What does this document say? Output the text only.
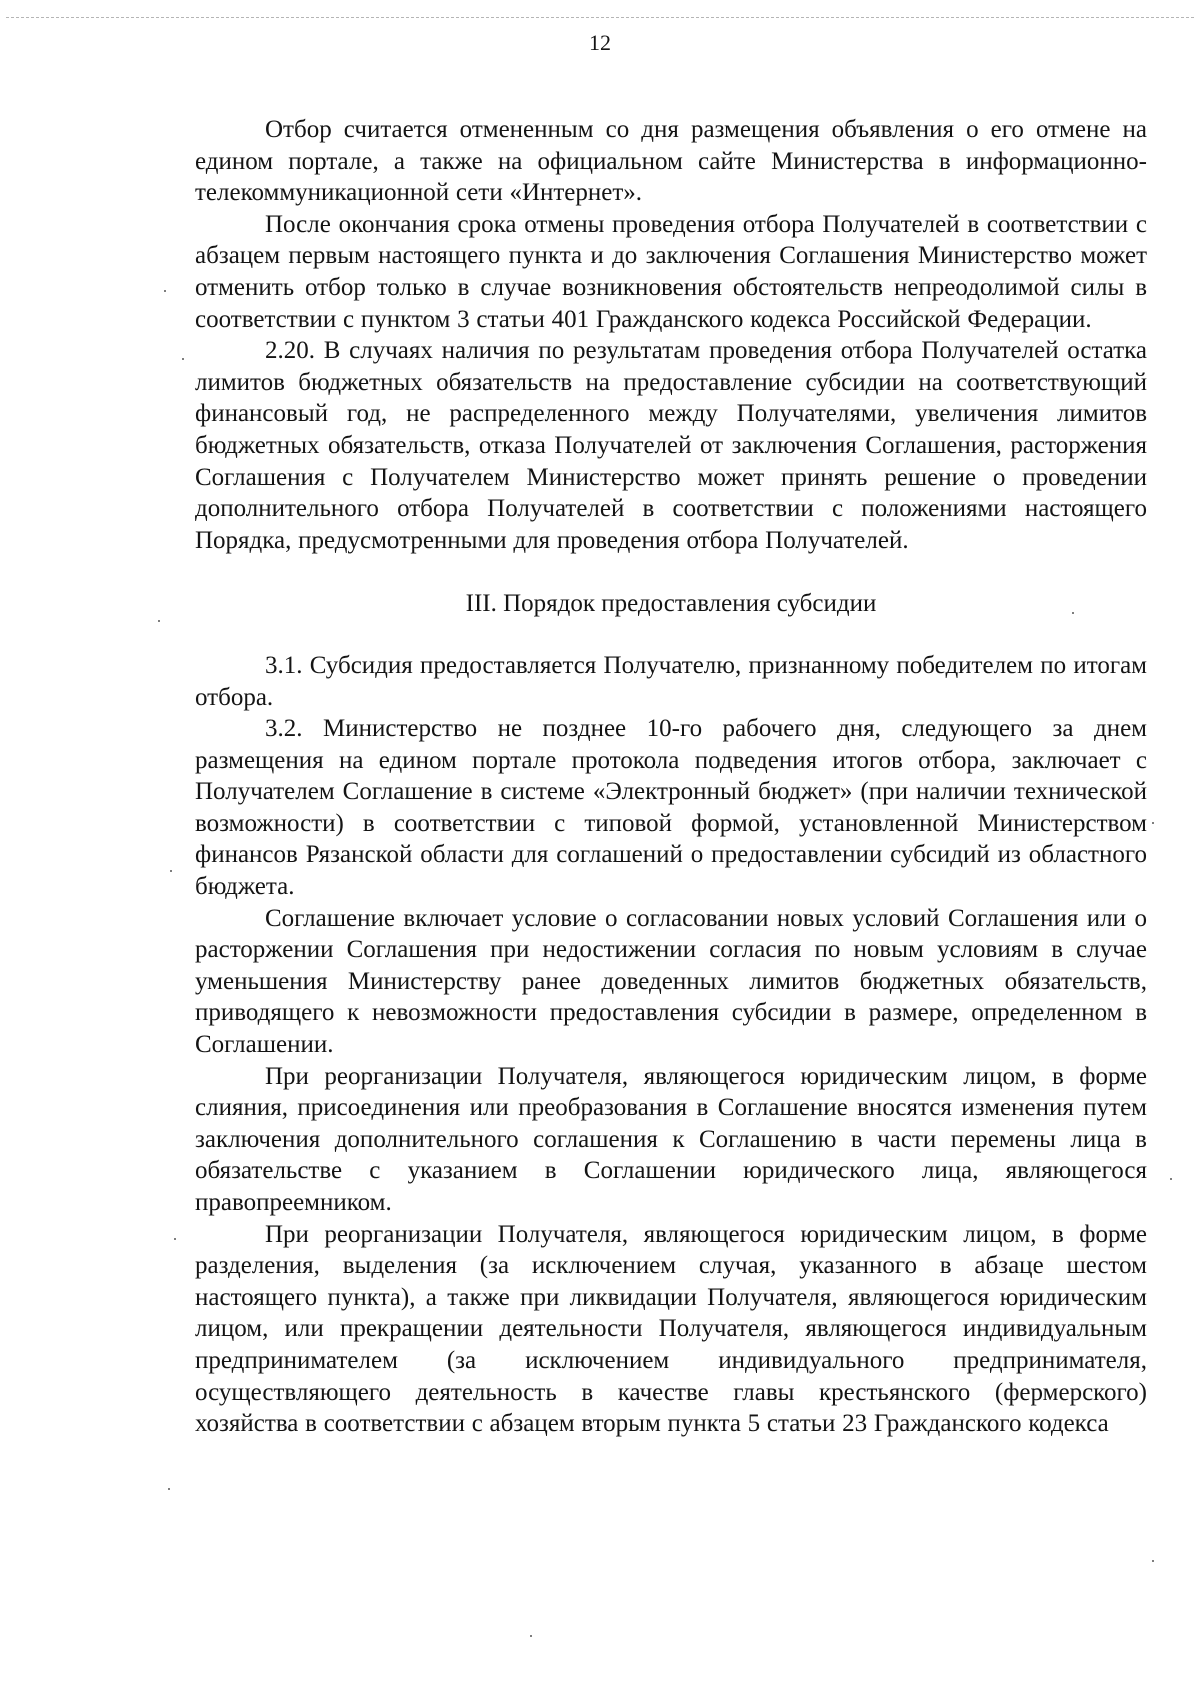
12

Отбор считается отмененным со дня размещения объявления о его отмене на едином портале, а также на официальном сайте Министерства в информационно-телекоммуникационной сети «Интернет».

После окончания срока отмены проведения отбора Получателей в соответствии с абзацем первым настоящего пункта и до заключения Соглашения Министерство может отменить отбор только в случае возникновения обстоятельств непреодолимой силы в соответствии с пунктом 3 статьи 401 Гражданского кодекса Российской Федерации.

2.20. В случаях наличия по результатам проведения отбора Получателей остатка лимитов бюджетных обязательств на предоставление субсидии на соответствующий финансовый год, не распределенного между Получателями, увеличения лимитов бюджетных обязательств, отказа Получателей от заключения Соглашения, расторжения Соглашения с Получателем Министерство может принять решение о проведении дополнительного отбора Получателей в соответствии с положениями настоящего Порядка, предусмотренными для проведения отбора Получателей.

III. Порядок предоставления субсидии

3.1. Субсидия предоставляется Получателю, признанному победителем по итогам отбора.

3.2. Министерство не позднее 10-го рабочего дня, следующего за днем размещения на едином портале протокола подведения итогов отбора, заключает с Получателем Соглашение в системе «Электронный бюджет» (при наличии технической возможности) в соответствии с типовой формой, установленной Министерством финансов Рязанской области для соглашений о предоставлении субсидий из областного бюджета.

Соглашение включает условие о согласовании новых условий Соглашения или о расторжении Соглашения при недостижении согласия по новым условиям в случае уменьшения Министерству ранее доведенных лимитов бюджетных обязательств, приводящего к невозможности предоставления субсидии в размере, определенном в Соглашении.

При реорганизации Получателя, являющегося юридическим лицом, в форме слияния, присоединения или преобразования в Соглашение вносятся изменения путем заключения дополнительного соглашения к Соглашению в части перемены лица в обязательстве с указанием в Соглашении юридического лица, являющегося правопреемником.

При реорганизации Получателя, являющегося юридическим лицом, в форме разделения, выделения (за исключением случая, указанного в абзаце шестом настоящего пункта), а также при ликвидации Получателя, являющегося юридическим лицом, или прекращении деятельности Получателя, являющегося индивидуальным предпринимателем (за исключением индивидуального предпринимателя, осуществляющего деятельность в качестве главы крестьянского (фермерского) хозяйства в соответствии с абзацем вторым пункта 5 статьи 23 Гражданского кодекса
